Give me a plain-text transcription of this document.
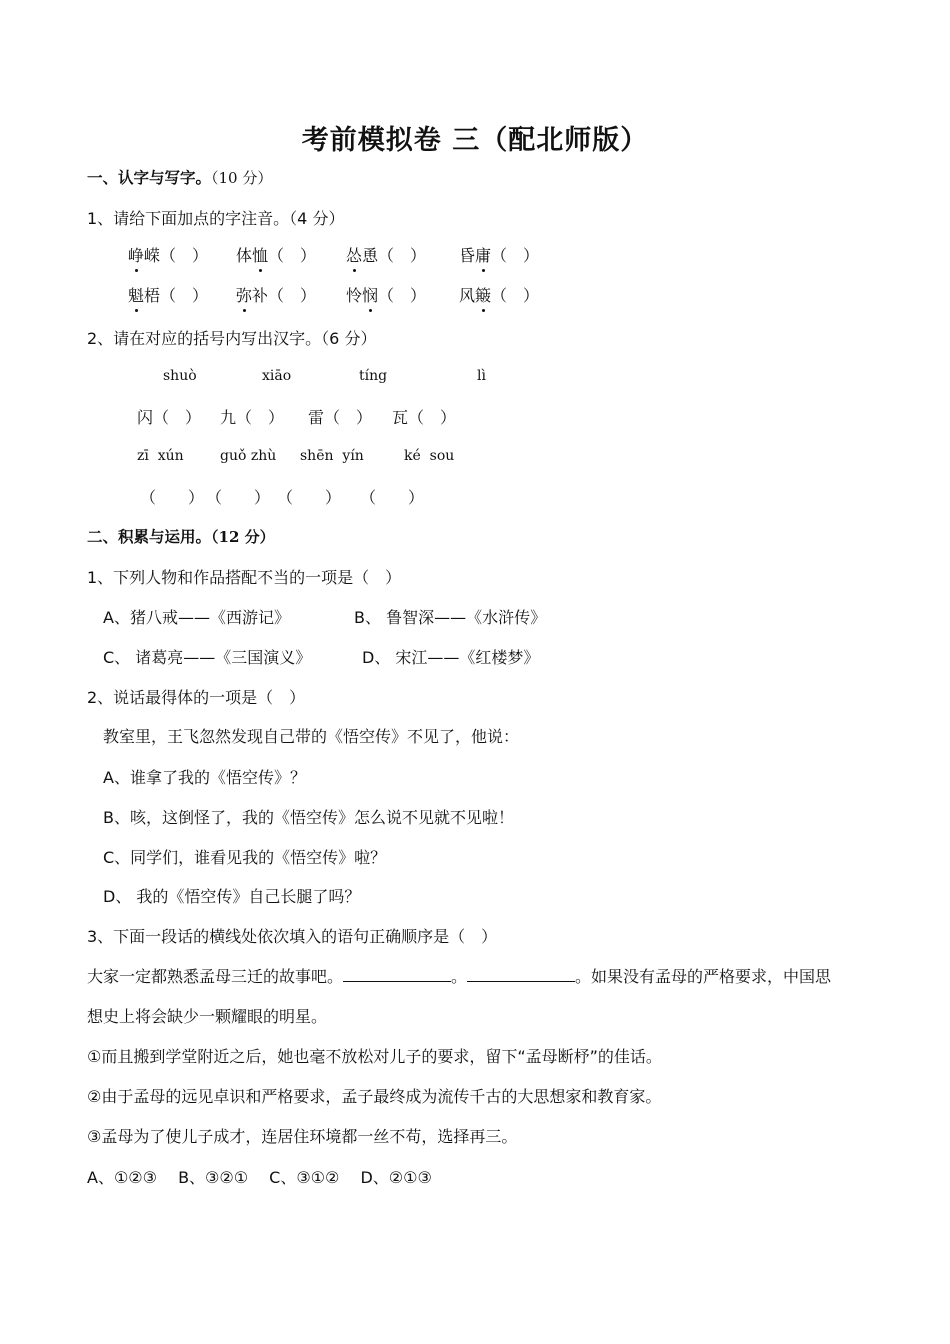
考前模拟卷 三（配北师版）
一、认字与写字。（10 分）
1、请给下面加点的字注音。（4 分）
峥嵘（　） 体恤（　） 怂恿（　） 昏庸（　）
魁梧（　） 弥补（　） 怜悯（　） 风簸（　）
2、请在对应的括号内写出汉字。（6 分）
shuò	xiāo	tíng	lì
闪（　） 九（　） 雷（　） 瓦（　）
zī  xún	guǒ zhù shēn  yín	ké  sou
（　　） （　　） （　　） （　　）
二、积累与运用。（12 分）
1、下列人物和作品搭配不当的一项是（　）
A、猪八戒——《西游记》	B、 鲁智深——《水浒传》
C、 诸葛亮——《三国演义》	D、 宋江——《红楼梦》
2、说话最得体的一项是（　）
教室里，王飞忽然发现自己带的《悟空传》不见了，他说：
A、谁拿了我的《悟空传》？
B、咳，这倒怪了，我的《悟空传》怎么说不见就不见啦！
C、同学们，谁看见我的《悟空传》啦？
D、 我的《悟空传》自己长腿了吗？
3、下面一段话的横线处依次填入的语句正确顺序是（　）
大家一定都熟悉孟母三迁的故事吧。	。	。如果没有孟母的严格要求，中国思
想史上将会缺少一颗耀眼的明星。
①而且搬到学堂附近之后，她也毫不放松对儿子的要求，留下“孟母断杼”的佳话。
②由于孟母的远见卓识和严格要求，孟子最终成为流传千古的大思想家和教育家。
③孟母为了使儿子成才，连居住环境都一丝不苟，选择再三。
A、①②③　 B、③②①　 C、③①②　 D、②①③
